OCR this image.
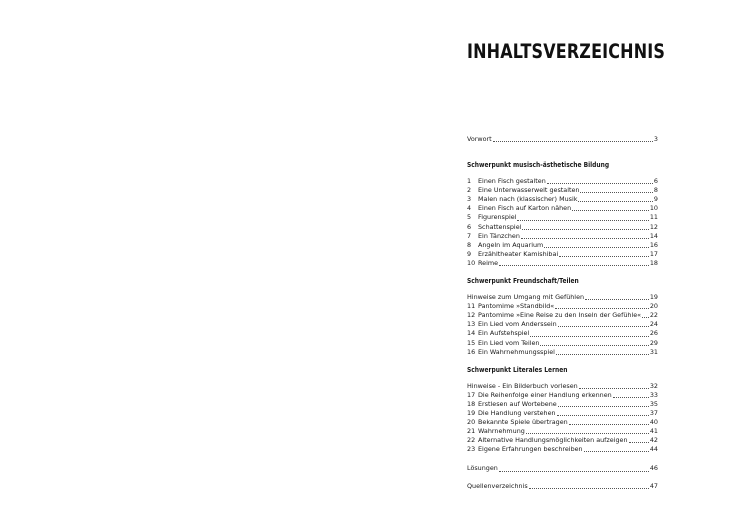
INHALTSVERZEICHNIS
Vorwort	3
Schwerpunkt musisch-ästhetische Bildung
1	Einen Fisch gestalten	6
2	Eine Unterwasserwelt gestalten	8
3	Malen nach (klassischer) Musik	9
4	Einen Fisch auf Karton nähen	10
5	Figurenspiel	11
6	Schattenspiel	12
7	Ein Tänzchen	14
8	Angeln im Aquarium	16
9	Erzähltheater Kamishibai	17
10 Reime	18
Schwerpunkt Freundschaft/Teilen
Hinweise zum Umgang mit Gefühlen	19
11 Pantomime »Standbild«	20
12 Pantomime »Eine Reise zu den Inseln der Gefühle« 22
13 Ein Lied vom Anderssein	24
14 Ein Aufstehspiel	26
15 Ein Lied vom Teilen	29
16 Ein Wahrnehmungsspiel	31
Schwerpunkt Literales Lernen
Hinweise - Ein Bilderbuch vorlesen	32
17 Die Reihenfolge einer Handlung erkennen	33
18 Erstlesen auf Wortebene	35
19 Die Handlung verstehen	37
20 Bekannte Spiele übertragen	40
21 Wahrnehmung	41
22 Alternative Handlungsmöglichkeiten aufzeigen	42
23 Eigene Erfahrungen beschreiben	44
Lösungen	46
Quellenverzeichnis	47
